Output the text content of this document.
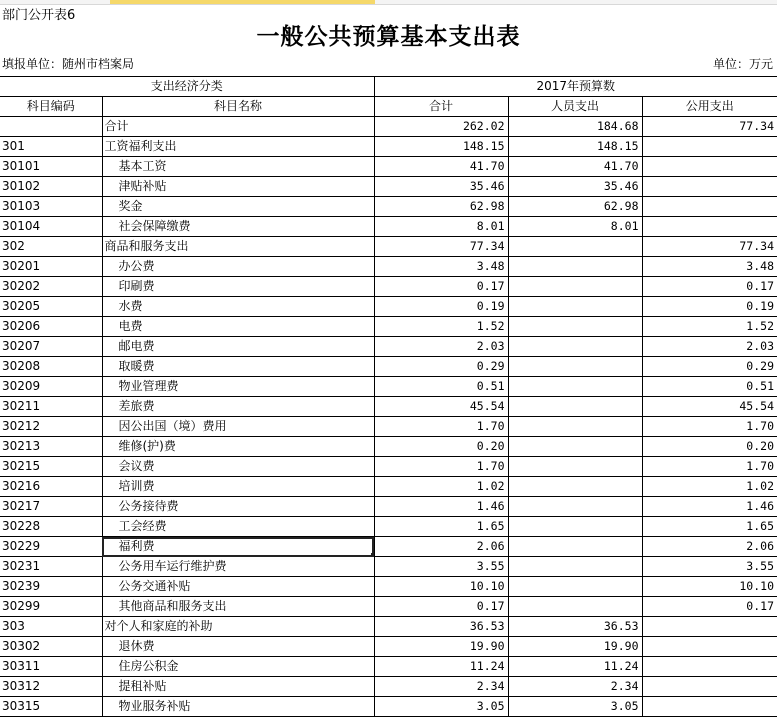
部门公开表6
一般公共预算基本支出表
填报单位：随州市档案局	单位：万元
支出经济分类		2017年预算数		
科目编码	科目名称	合计	人员支出	公用支出
	合计	262.02	184.68	77.34
301	工资福利支出	148.15	148.15	
30101	基本工资	41.70	41.70	
30102	津贴补贴	35.46	35.46	
30103	奖金	62.98	62.98	
30104	社会保障缴费	8.01	8.01	
302	商品和服务支出	77.34		77.34
30201	办公费	3.48		3.48
30202	印刷费	0.17		0.17
30205	水费	0.19		0.19
30206	电费	1.52		1.52
30207	邮电费	2.03		2.03
30208	取暖费	0.29		0.29
30209	物业管理费	0.51		0.51
30211	差旅费	45.54		45.54
30212	因公出国（境）费用	1.70		1.70
30213	维修(护)费	0.20		0.20
30215	会议费	1.70		1.70
30216	培训费	1.02		1.02
30217	公务接待费	1.46		1.46
30228	工会经费	1.65		1.65
30229	福利费	2.06		2.06
30231	公务用车运行维护费	3.55		3.55
30239	公务交通补贴	10.10		10.10
30299	其他商品和服务支出	0.17		0.17
303	对个人和家庭的补助	36.53	36.53	
30302	退休费	19.90	19.90	
30311	住房公积金	11.24	11.24	
30312	提租补贴	2.34	2.34	
30315	物业服务补贴	3.05	3.05	
